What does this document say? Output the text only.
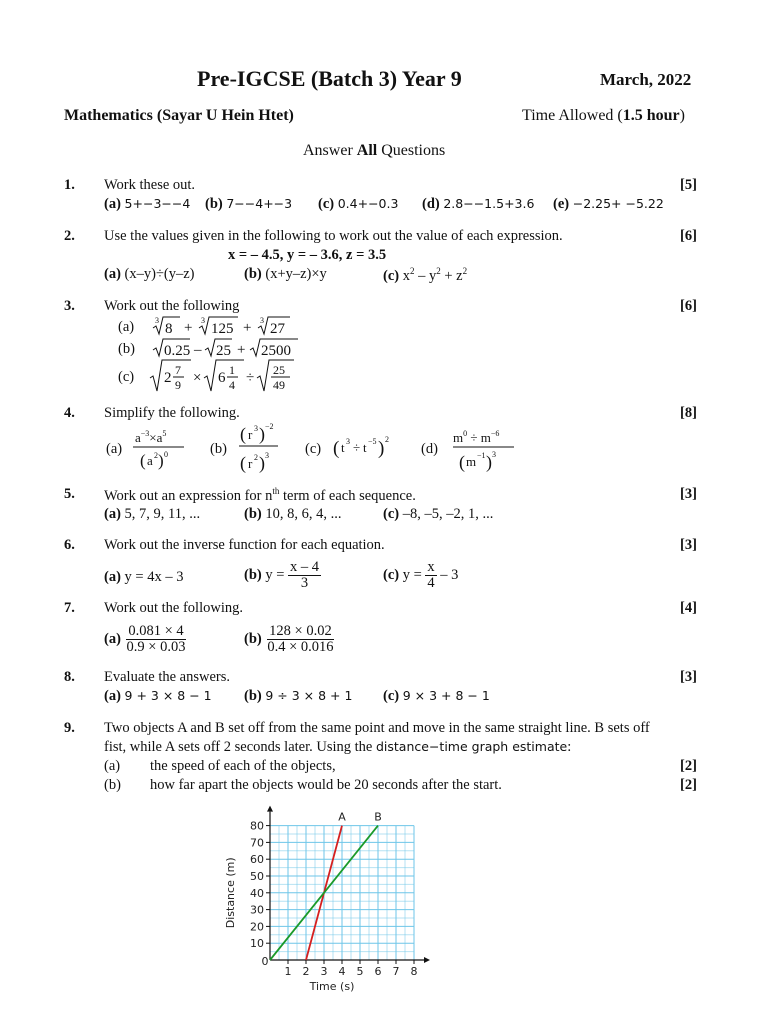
Pre-IGCSE (Batch 3) Year 9	March, 2022
Mathematics (Sayar U Hein Htet)	Time Allowed (1.5 hour)
Answer All Questions
1. Work these out.	[5]
(a) 5+−3−−4 (b) 7−−4+−3 (c) 0.4+−0.3 (d) 2.8−−1.5+3.6 (e) −2.25+ −5.22
2. Use the values given in the following to work out the value of each expression.	[6]
x = – 4.5, y = – 3.6, z = 3.5
(a) (x–y)÷(y–z)	(b) (x+y–z)×y	(c) $x^2 - y^2 + z^2$
3. Work out the following	[6]
(a)	3
8 + 3
125 + 3
27
(b) 0.25 – 25 + 2500
(c) 2 7
9 × 6 1
4 ÷ 25
49
4. Simplify the following.	[8]
(a)
$a^{-3}\times a^5$
( a 2 ) 0	(b)
( r 3 ) −2
( r 2 ) 3 (c) ( t 3 ÷ t −5 ) 2
(d)
$m^0 \div m^{-6}$
( m −1 ) 3
5. Work out an expression for $n^{th}$ term of each sequence.	[3]
(a) 5, 7, 9, 11, ...	(b) 10, 8, 6, 4, ...	(c) –8, –5, –2, 1, ...
6. Work out the inverse function for each equation.	[3]
(a) y = 4x – 3	(b) $y = \frac{x - 4}{3}$	(c) $y = \frac{x}{4} - 3$
7. Work out the following.	[4]
$(a) \frac{0.081 \times 4}{0.9 \times 0.03}$	$(b) \frac{128 \times 0.02}{0.4 \times 0.016}$
8. Evaluate the answers.	[3]
(a) 9 + 3 × 8 − 1 (b) 9 ÷ 3 × 8 + 1 (c) 9 × 3 + 8 − 1
9. Two objects A and B set off from the same point and move in the same straight line. B sets off
fist, while A sets off 2 seconds later. Using the distance−time graph estimate:
(a) the speed of each of the objects,	[2]
(b) how far apart the objects would be 20 seconds after the start.	[2]
0
1 2 3 4 5 6 7 8
10
20
30
40
50
60
70
80
Time (s)
Distance (m)
A	B
